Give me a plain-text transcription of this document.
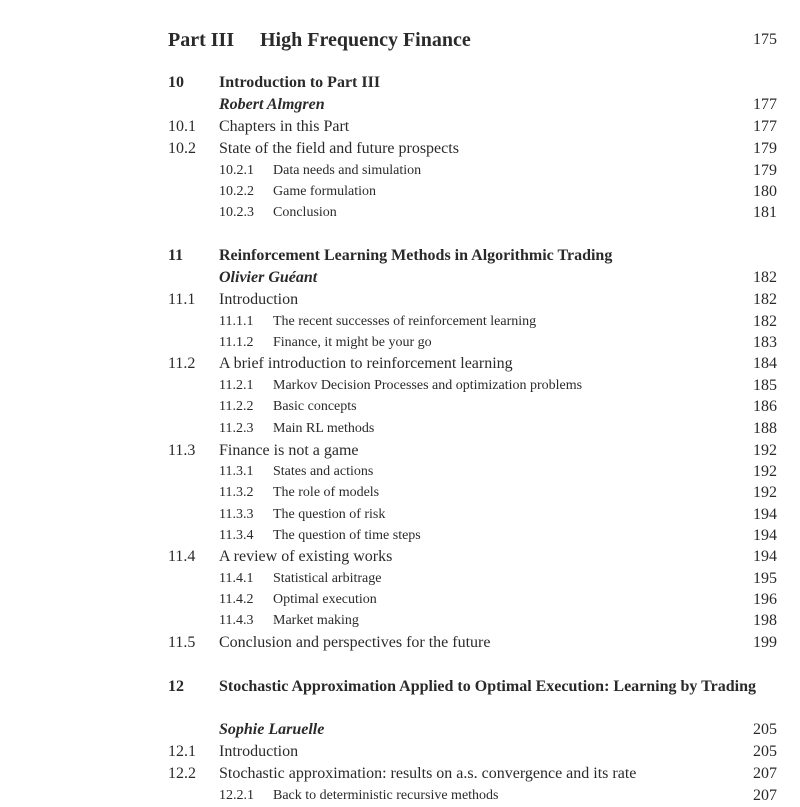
Part III High Frequency Finance	175
10 Introduction to Part III
Robert Almgren	177
10.1 Chapters in this Part	177
10.2 State of the field and future prospects	179
10.2.1 Data needs and simulation	179
10.2.2 Game formulation	180
10.2.3 Conclusion	181
11 Reinforcement Learning Methods in Algorithmic Trading
Olivier Guéant	182
11.1 Introduction	182
11.1.1 The recent successes of reinforcement learning	182
11.1.2 Finance, it might be your go	183
11.2 A brief introduction to reinforcement learning	184
11.2.1 Markov Decision Processes and optimization problems	185
11.2.2 Basic concepts	186
11.2.3 Main RL methods	188
11.3 Finance is not a game	192
11.3.1 States and actions	192
11.3.2 The role of models	192
11.3.3 The question of risk	194
11.3.4 The question of time steps	194
11.4 A review of existing works	194
11.4.1 Statistical arbitrage	195
11.4.2 Optimal execution	196
11.4.3 Market making	198
11.5 Conclusion and perspectives for the future	199
12 Stochastic Approximation Applied to Optimal Execution: Learning by Trading
Sophie Laruelle	205
12.1 Introduction	205
12.2 Stochastic approximation: results on a.s. convergence and its rate	207
12.2.1 Back to deterministic recursive methods	207
